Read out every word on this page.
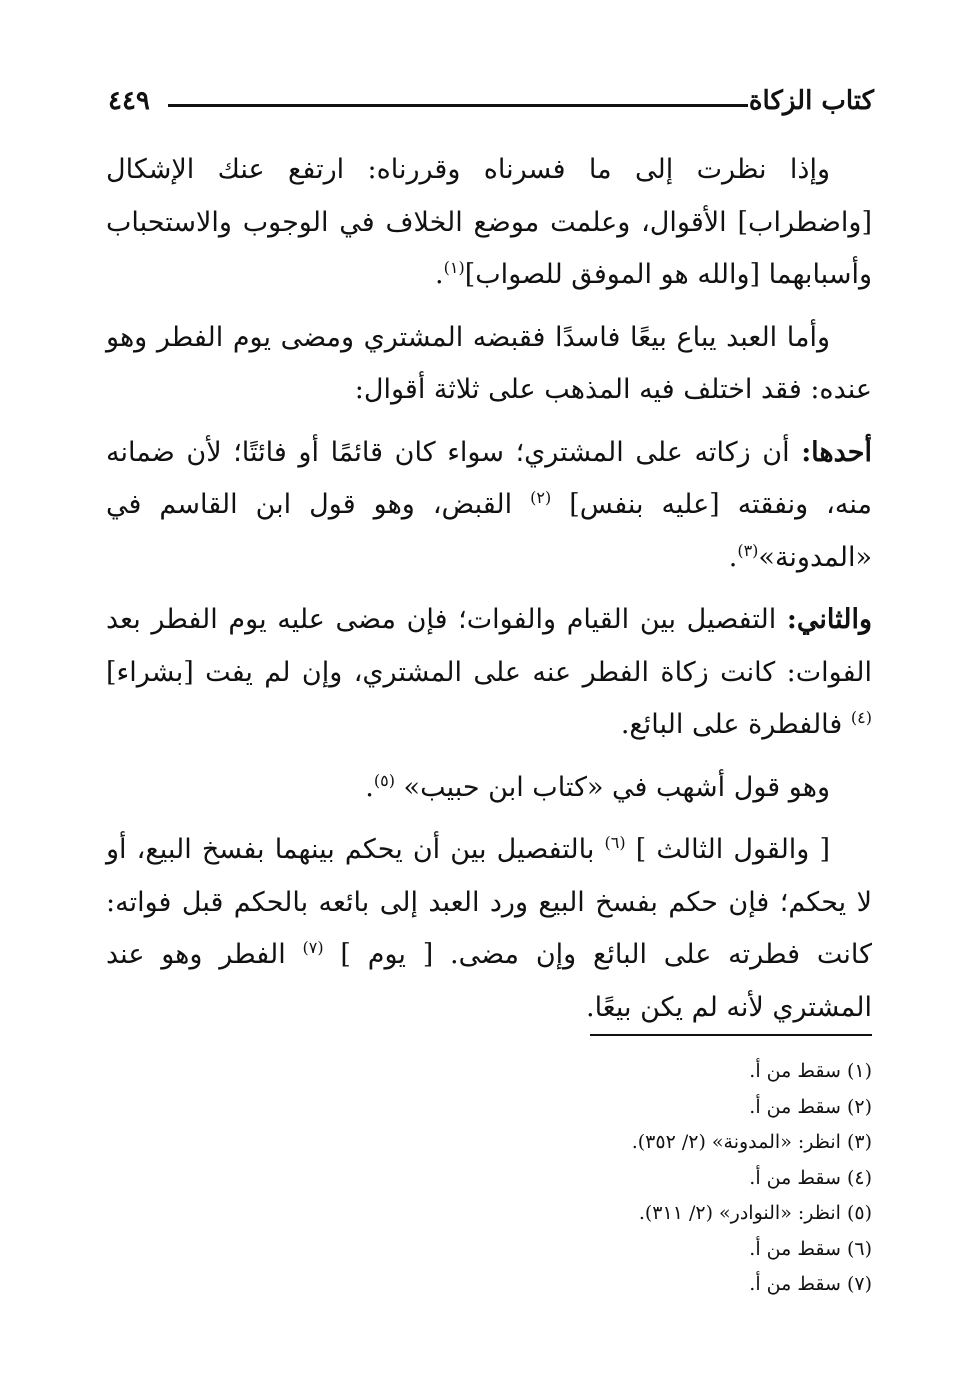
كتاب الزكاة
٤٤٩

وإذا نظرت إلى ما فسرناه وقررناه: ارتفع عنك الإشكال [واضطراب] الأقوال، وعلمت موضع الخلاف في الوجوب والاستحباب وأسبابهما [والله هو الموفق للصواب]$^{(١)}$.

وأما العبد يباع بيعًا فاسدًا فقبضه المشتري ومضى يوم الفطر وهو عنده: فقد اختلف فيه المذهب على ثلاثة أقوال:

أحدها: أن زكاته على المشتري؛ سواء كان قائمًا أو فائتًا؛ لأن ضمانه منه، ونفقته [عليه بنفس] $^{(٢)}$ القبض، وهو قول ابن القاسم في «المدونة»$^{(٣)}$.

والثاني: التفصيل بين القيام والفوات؛ فإن مضى عليه يوم الفطر بعد الفوات: كانت زكاة الفطر عنه على المشتري، وإن لم يفت [بشراء] $^{(٤)}$ فالفطرة على البائع.

وهو قول أشهب في «كتاب ابن حبيب» $^{(٥)}$.

[ والقول الثالث ] $^{(٦)}$ بالتفصيل بين أن يحكم بينهما بفسخ البيع، أو لا يحكم؛ فإن حكم بفسخ البيع ورد العبد إلى بائعه بالحكم قبل فواته: كانت فطرته على البائع وإن مضى. [ يوم ] $^{(٧)}$ الفطر وهو عند المشتري لأنه لم يكن بيعًا.

(١) سقط من أ.
(٢) سقط من أ.
(٣) انظر: «المدونة» (٢/ ٣٥٢).
(٤) سقط من أ.
(٥) انظر: «النوادر» (٢/ ٣١١).
(٦) سقط من أ.
(٧) سقط من أ.
